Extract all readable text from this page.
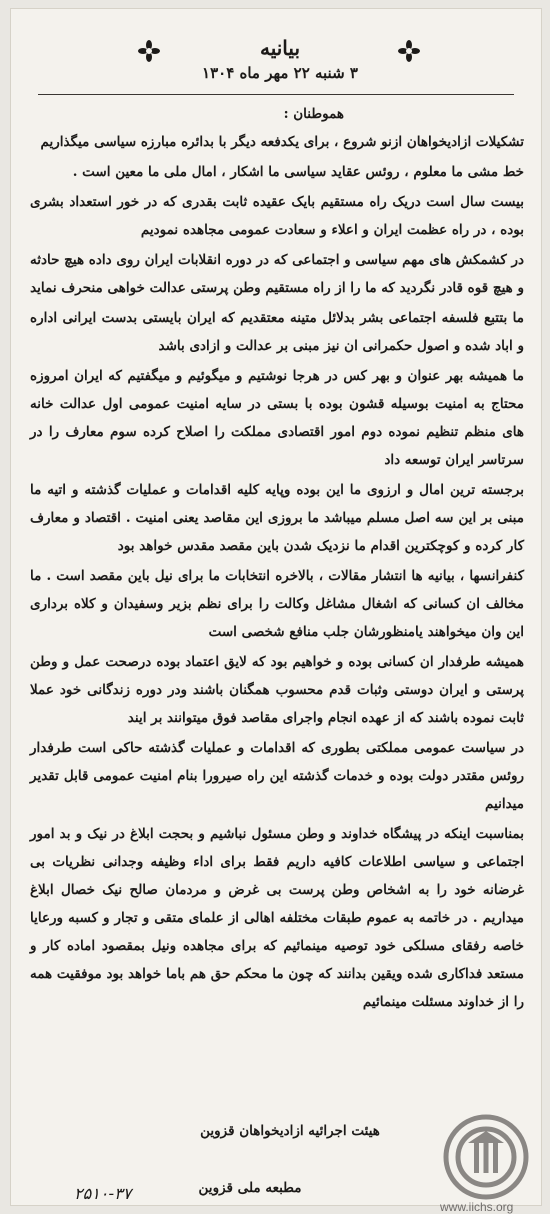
بیانیه
۳ شنبه ۲۲ مهر ماه ۱۳۰۴
هموطنان :

تشکیلات ازادیخواهان ازنو شروع ، برای یکدفعه دیگر با بدائره مبارزه سیاسی میگذاریم

خط مشی ما معلوم ، روئس عقاید سیاسی ما اشکار ، امال ملی ما معین است .

بیست سال است دریک راه مستقیم بایک عقیده ثابت بقدری که در خور استعداد بشری بوده ، در راه عظمت ایران و اعلاء و سعادت عمومی مجاهده نمودیم

در کشمکش های مهم سیاسی و اجتماعی که در دوره انقلابات ایران روی داده هیچ حادثه و هیچ قوه قادر نگردید که ما را از راه مستقیم وطن پرستی عدالت خواهی منحرف نماید

ما بتتبع فلسفه اجتماعی بشر بدلائل متینه معتقدیم که ایران بایستی بدست ایرانی اداره و اباد شده و اصول حکمرانی ان نیز مبنی بر عدالت و ازادی باشد

ما همیشه بهر عنوان و بهر کس در هرجا نوشتیم و میگوئیم و میگفتیم که ایران امروزه محتاج به امنیت بوسیله قشون بوده با بستی در سایه امنیت عمومی اول عدالت خانه های منظم تنظیم نموده دوم امور اقتصادی مملکت را اصلاح کرده سوم معارف را در سرتاسر ایران توسعه داد

برجسته ترین امال و ارزوی ما این بوده وپایه کلیه اقدامات و عملیات گذشته و اتیه ما مبنی بر این سه اصل مسلم میباشد ما بروزی این مقاصد یعنی امنیت . اقتصاد و معارف کار کرده و کوچکترین اقدام ما نزدیک شدن باین مقصد مقدس خواهد بود

کنفرانسها ، بیانیه ها انتشار مقالات ، بالاخره انتخابات ما برای نیل باین مقصد است . ما مخالف ان کسانی که اشغال مشاغل وکالت را برای نظم بزیر وسفیدان و کلاه برداری این وان میخواهند یامنظورشان جلب منافع شخصی است

همیشه طرفدار ان کسانی بوده و خواهیم بود که لایق اعتماد بوده درصحت عمل و وطن پرستی و ایران دوستی وثبات قدم محسوب همگنان باشند ودر دوره زندگانی خود عملا ثابت نموده باشند که از عهده انجام واجرای مقاصد فوق میتوانند بر ایند

در سیاست عمومی مملکتی بطوری که اقدامات و عملیات گذشته حاکی است طرفدار روئس مقتدر دولت بوده و خدمات گذشته این راه صیرورا بنام امنیت عمومی قابل تقدیر میدانیم

بمناسبت اینکه در پیشگاه خداوند و وطن مسئول نباشیم و بحجت ابلاغ در نیک و بد امور اجتماعی و سیاسی اطلاعات کافیه داریم فقط برای اداء وظیفه وجدانی نظریات بی غرضانه خود را به اشخاص وطن پرست بی غرض و مردمان صالح نیک خصال ابلاغ میداریم . در خاتمه به عموم طبقات مختلفه اهالی از علمای متقی و تجار و کسبه ورعایا خاصه رفقای مسلکی خود توصیه مینمائیم که برای مجاهده ونیل بمقصود اماده کار و مستعد فداکاری شده ویقین بدانند که چون ما محکم حق هم باما خواهد بود موفقیت همه را از خداوند مسئلت مینمائیم

هیئت اجرائیه ازادیخواهان قزوین
مطبعه ملی قزوین
۲۵۱۰-۳۷
www.iichs.org
